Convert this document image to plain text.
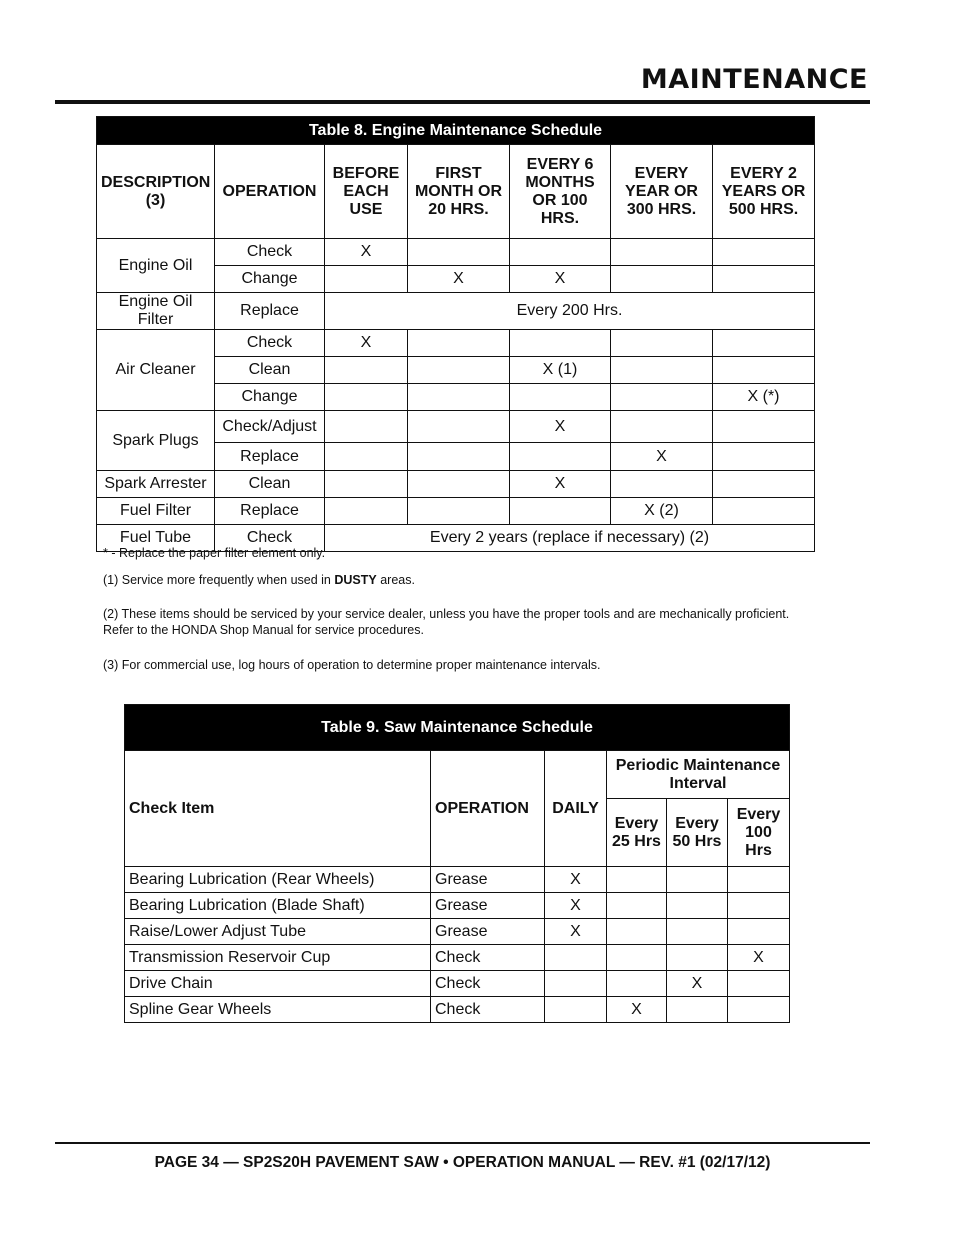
MAINTENANCE
Table 8. Engine Maintenance Schedule						
DESCRIPTION (3)	OPERATION	BEFORE EACH USE	FIRST MONTH OR 20 HRS.	EVERY 6 MONTHS OR 100 HRS.	EVERY YEAR OR 300 HRS.	EVERY 2 YEARS OR 500 HRS.
Engine Oil	Check	X				
	Change		X	X		
Engine Oil Filter	Replace	Every 200 Hrs.				
Air Cleaner	Check	X				
	Clean			X (1)		
	Change					X (*)
Spark Plugs	Check/Adjust			X		
	Replace				X	
Spark Arrester	Clean			X		
Fuel Filter	Replace				X (2)	
Fuel Tube	Check	Every 2 years (replace if necessary) (2)				
* - Replace the paper filter element only.
(1) Service more frequently when used in DUSTY areas.
(2) These items should be serviced by your service dealer, unless you have the proper tools and are mechanically proficient.
Refer to the HONDA Shop Manual for service procedures.
(3) For commercial use, log hours of operation to determine proper maintenance intervals.
Table 9. Saw Maintenance Schedule					
Check Item	OPERATION	DAILY	Periodic Maintenance Interval		
			Every 25 Hrs	Every 50 Hrs	Every 100 Hrs
Bearing Lubrication (Rear Wheels)	Grease	X			
Bearing Lubrication (Blade Shaft)	Grease	X			
Raise/Lower Adjust Tube	Grease	X			
Transmission Reservoir Cup	Check				X
Drive Chain	Check			X	
Spline Gear Wheels	Check		X		
PAGE 34 — SP2S20H PAVEMENT SAW • OPERATION MANUAL — REV. #1 (02/17/12)
